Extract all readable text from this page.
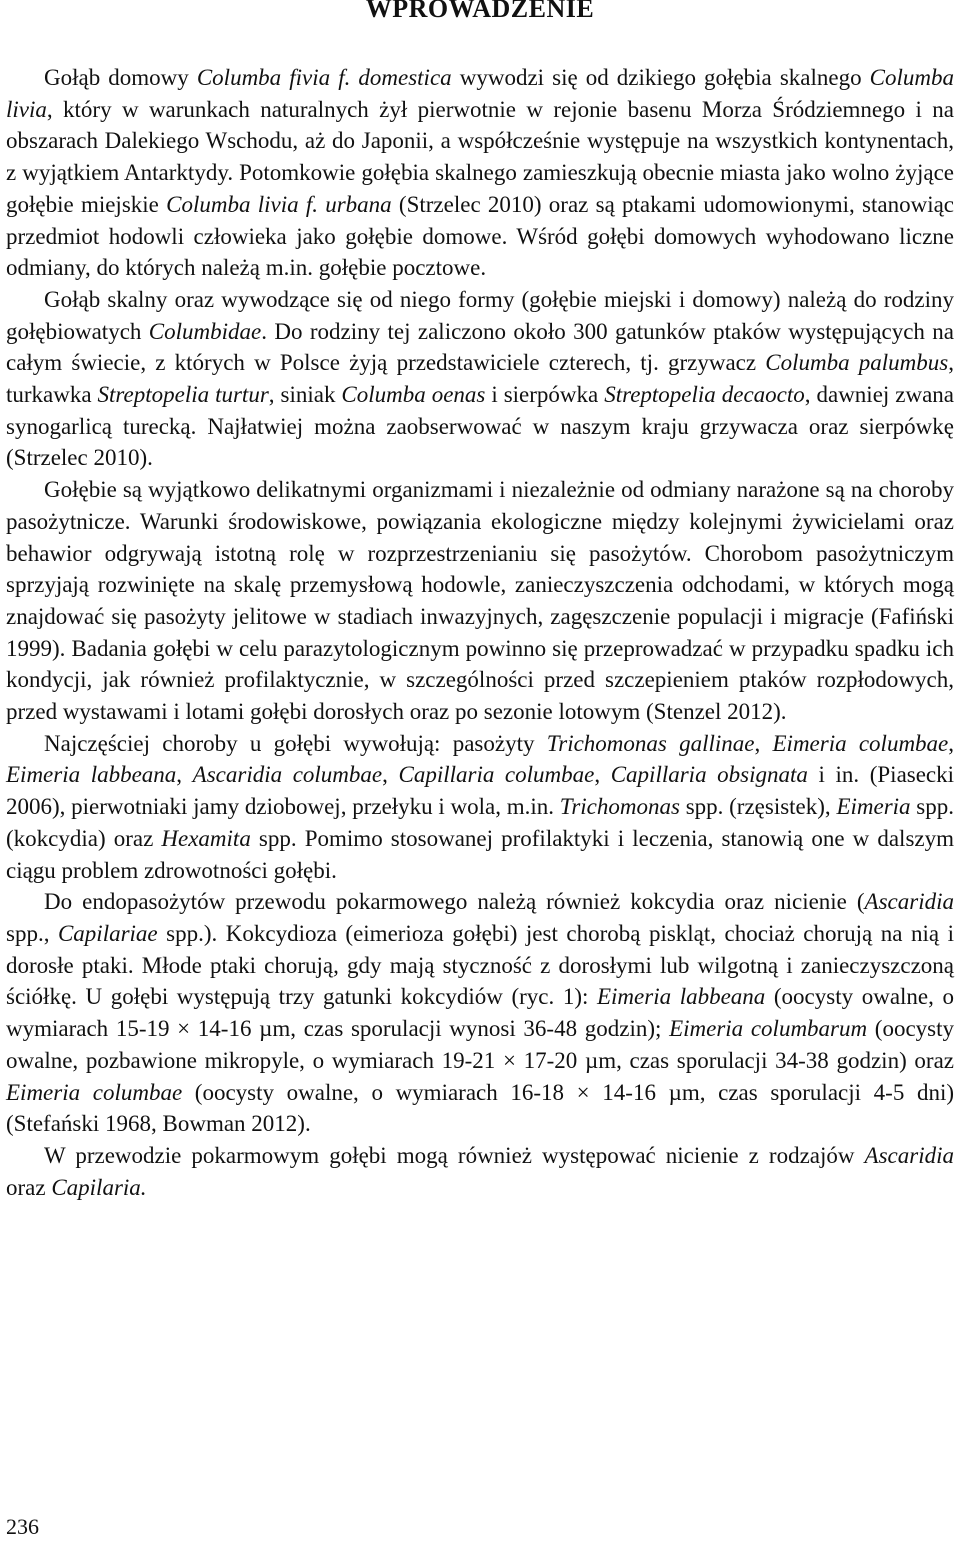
WPROWADZENIE

Gołąb domowy Columba fivia f. domestica wywodzi się od dzikiego gołębia skalnego Columba livia, który w warunkach naturalnych żył pierwotnie w rejonie basenu Morza Śródziemnego i na obszarach Dalekiego Wschodu, aż do Japonii, a współcześnie występuje na wszystkich kontynentach, z wyjątkiem Antarktydy. Potomkowie gołębia skalnego zamieszkują obecnie miasta jako wolno żyjące gołębie miejskie Columba livia f. urbana (Strzelec 2010) oraz są ptakami udomowionymi, stanowiąc przedmiot hodowli człowieka jako gołębie domowe. Wśród gołębi domowych wyhodowano liczne odmiany, do których należą m.in. gołębie pocztowe.

Gołąb skalny oraz wywodzące się od niego formy (gołębie miejski i domowy) należą do rodziny gołębiowatych Columbidae. Do rodziny tej zaliczono około 300 gatunków ptaków występujących na całym świecie, z których w Polsce żyją przedstawiciele czterech, tj. grzywacz Columba palumbus, turkawka Streptopelia turtur, siniak Columba oenas i sierpówka Streptopelia decaocto, dawniej zwana synogarlicą turecką. Najłatwiej można zaobserwować w naszym kraju grzywacza oraz sierpówkę (Strzelec 2010).

Gołębie są wyjątkowo delikatnymi organizmami i niezależnie od odmiany narażone są na choroby pasożytnicze. Warunki środowiskowe, powiązania ekologiczne między kolejnymi żywicielami oraz behawior odgrywają istotną rolę w rozprzestrzenianiu się pasożytów. Chorobom pasożytniczym sprzyjają rozwinięte na skalę przemysłową hodowle, zanieczyszczenia odchodami, w których mogą znajdować się pasożyty jelitowe w stadiach inwazyjnych, zagęszczenie populacji i migracje (Fafiński 1999). Badania gołębi w celu parazytologicznym powinno się przeprowadzać w przypadku spadku ich kondycji, jak również profilaktycznie, w szczególności przed szczepieniem ptaków rozpłodowych, przed wystawami i lotami gołębi dorosłych oraz po sezonie lotowym (Stenzel 2012).

Najczęściej choroby u gołębi wywołują: pasożyty Trichomonas gallinae, Eimeria columbae, Eimeria labbeana, Ascaridia columbae, Capillaria columbae, Capillaria obsignata i in. (Piasecki 2006), pierwotniaki jamy dziobowej, przełyku i wola, m.in. Trichomonas spp. (rzęsistek), Eimeria spp. (kokcydia) oraz Hexamita spp. Pomimo stosowanej profilaktyki i leczenia, stanowią one w dalszym ciągu problem zdrowotności gołębi.

Do endopasożytów przewodu pokarmowego należą również kokcydia oraz nicienie (Ascaridia spp., Capilariae spp.). Kokcydioza (eimerioza gołębi) jest chorobą piskląt, chociaż chorują na nią i dorosłe ptaki. Młode ptaki chorują, gdy mają styczność z dorosłymi lub wilgotną i zanieczyszczoną ściółkę. U gołębi występują trzy gatunki kokcydiów (ryc. 1): Eimeria labbeana (oocysty owalne, o wymiarach 15-19 × 14-16 µm, czas sporulacji wynosi 36-48 godzin); Eimeria columbarum (oocysty owalne, pozbawione mikropyle, o wymiarach 19-21 × 17-20 µm, czas sporulacji 34-38 godzin) oraz Eimeria columbae (oocysty owalne, o wymiarach 16-18 × 14-16 µm, czas sporulacji 4-5 dni) (Stefański 1968, Bowman 2012).

W przewodzie pokarmowym gołębi mogą również występować nicienie z rodzajów Ascaridia oraz Capilaria.

236
